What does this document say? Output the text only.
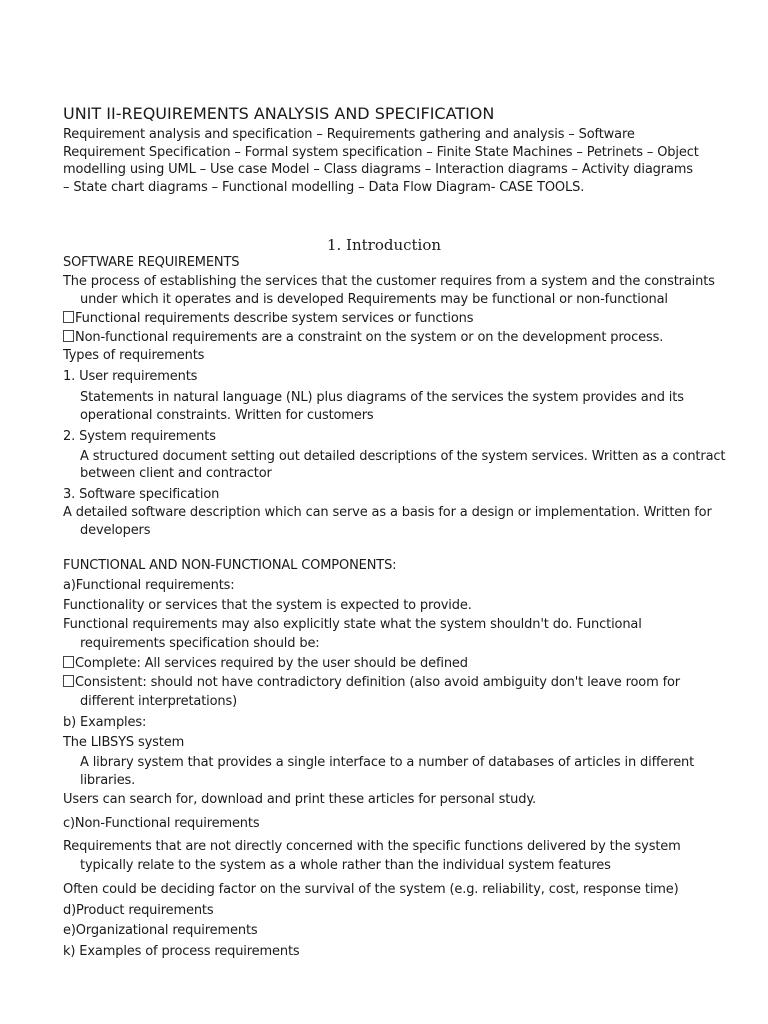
UNIT II-REQUIREMENTS ANALYSIS AND SPECIFICATION

Requirement analysis and specification – Requirements gathering and analysis – Software

Requirement Specification – Formal system specification – Finite State Machines – Petrinets – Object

modelling using UML – Use case Model – Class diagrams – Interaction diagrams – Activity diagrams

– State chart diagrams – Functional modelling – Data Flow Diagram- CASE TOOLS.

1. Introduction

SOFTWARE REQUIREMENTS

The process of establishing the services that the customer requires from a system and the constraints

under which it operates and is developed Requirements may be functional or non-functional

Functional requirements describe system services or functions

Non-functional requirements are a constraint on the system or on the development process.

Types of requirements

1. User requirements

Statements in natural language (NL) plus diagrams of the services the system provides and its

operational constraints. Written for customers

2. System requirements

A structured document setting out detailed descriptions of the system services. Written as a contract

between client and contractor

3. Software specification

A detailed software description which can serve as a basis for a design or implementation. Written for

developers

FUNCTIONAL AND NON-FUNCTIONAL COMPONENTS:

a)Functional requirements:

Functionality or services that the system is expected to provide.

Functional requirements may also explicitly state what the system shouldn't do. Functional

requirements specification should be:

Complete: All services required by the user should be defined

Consistent: should not have contradictory definition (also avoid ambiguity don't leave room for

different interpretations)

b) Examples:

The LIBSYS system

A library system that provides a single interface to a number of databases of articles in different

libraries.

Users can search for, download and print these articles for personal study.

c)Non-Functional requirements

Requirements that are not directly concerned with the specific functions delivered by the system

typically relate to the system as a whole rather than the individual system features

Often could be deciding factor on the survival of the system (e.g. reliability, cost, response time)

d)Product requirements

e)Organizational requirements

k) Examples of process requirements
